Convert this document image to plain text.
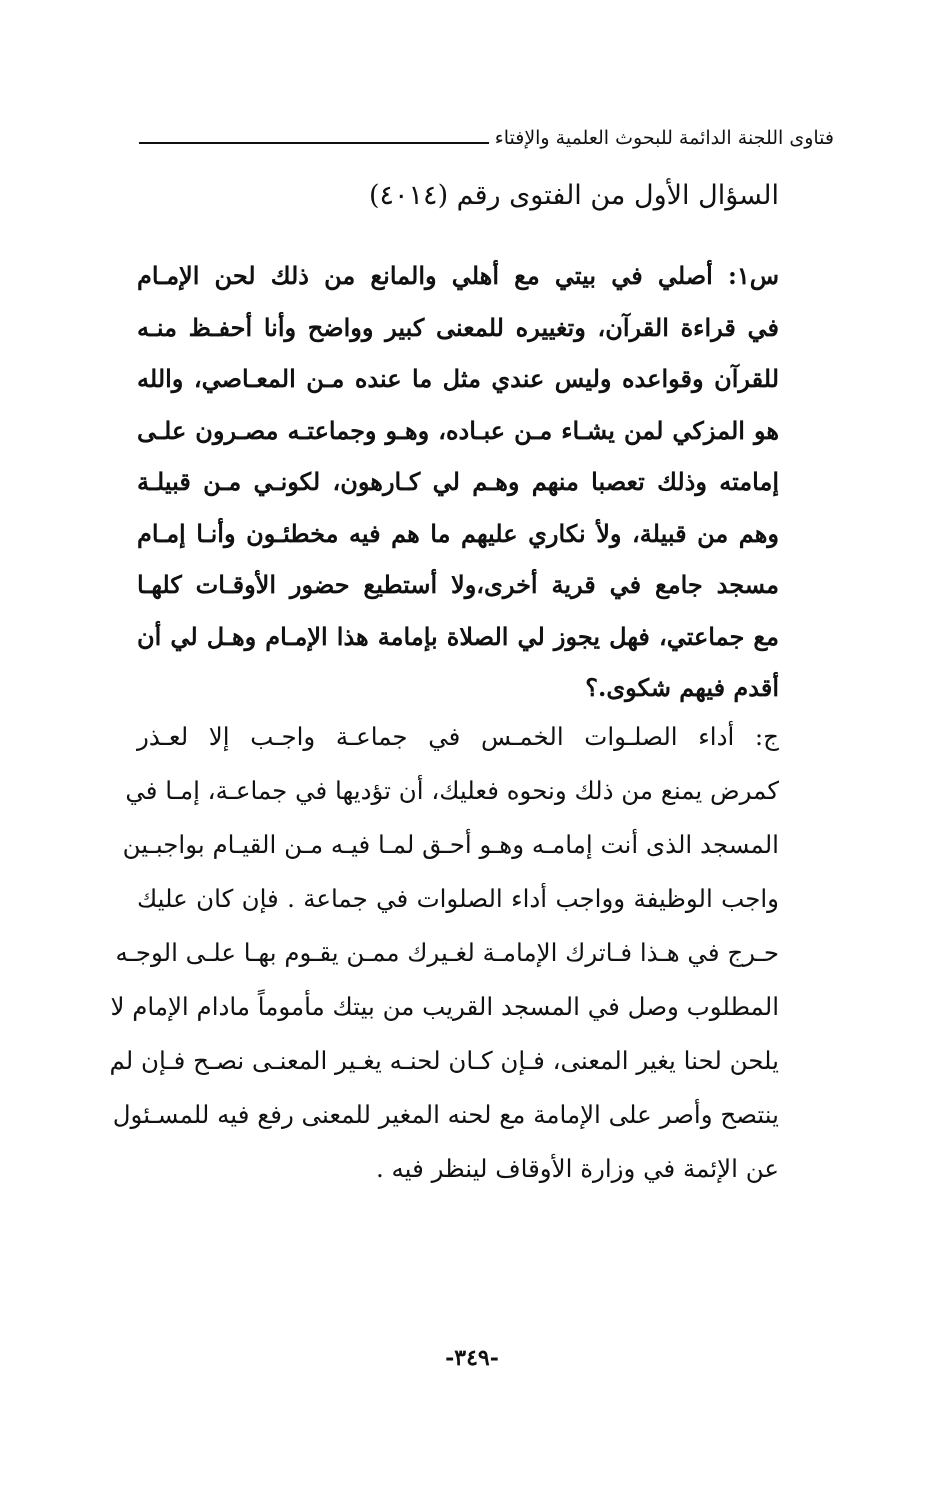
فتاوى اللجنة الدائمة للبحوث العلمية والإفتاء
السؤال الأول من الفتوى رقم (٤٠١٤)
س١: أصلي في بيتي مع أهلي والمانع من ذلك لحن الإمـام
في قراءة القرآن، وتغييره للمعنى كبير وواضح وأنا أحفـظ منـه
للقرآن وقواعده وليس عندي مثل ما عنده مـن المعـاصي، والله
هو المزكي لمن يشـاء مـن عبـاده، وهـو وجماعتـه مصـرون علـى
إمامته وذلك تعصبا منهم وهـم لي كـارهون، لكونـي مـن قبيلـة
وهم من قبيلة، ولأ نكاري عليهم ما هم فيه مخطئـون وأنـا إمـام
مسجد جامع في قرية أخرى،ولا أستطيع حضور الأوقـات كلهـا
مع جماعتي، فهل يجوز لي الصلاة بإمامة هذا الإمـام وهـل لي أن
أقدم فيهم شكوى.؟
ج: أداء الصلـوات الخمـس في جماعـة واجـب إلا لعـذر
كمرض يمنع من ذلك ونحوه فعليك، أن تؤديها في جماعـة، إمـا في
المسجد الذى أنت إمامـه وهـو أحـق لمـا فيـه مـن القيـام بواجبـين
واجب الوظيفة وواجب أداء الصلوات في جماعة . فإن كان عليك
حـرج في هـذا فـاترك الإمامـة لغـيرك ممـن يقـوم بهـا علـى الوجـه
المطلوب وصل في المسجد القريب من بيتك مأموماً مادام الإمام لا
يلحن لحنا يغير المعنى، فـإن كـان لحنـه يغـير المعنـى نصـح فـإن لم
ينتصح وأصر على الإمامة مع لحنه المغير للمعنى رفع فيه للمسـئول
عن الإئمة في وزارة الأوقاف لينظر فيه .
-٣٤٩-
